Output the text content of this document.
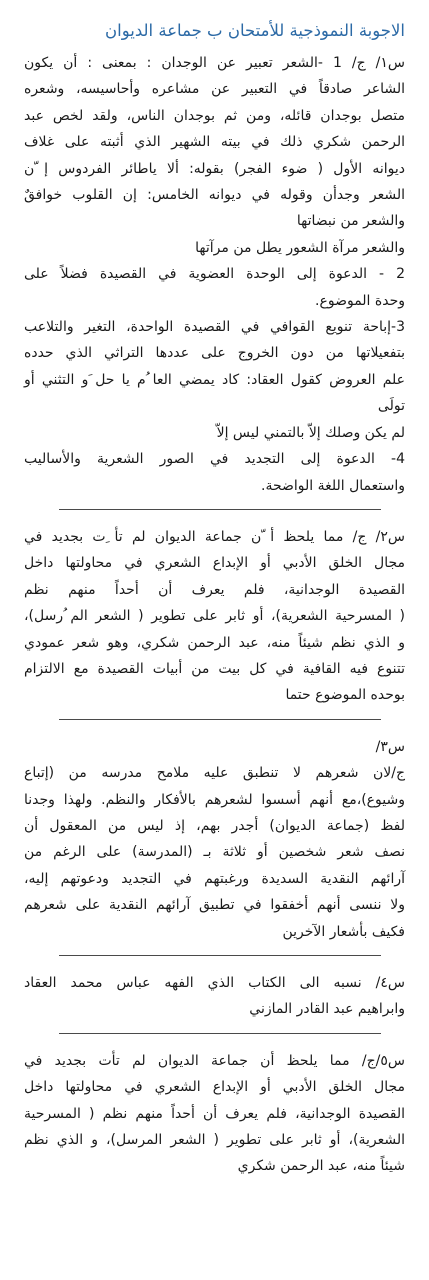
الاجوبة النموذجية للأمتحان ب جماعة الديوان

س١/ ج/ 1 -الشعر تعبير عن الوجدان : بمعنى : أن يكون

الشاعر صادقاً في التعبير عن مشاعره وأحاسيسه، وشعره

متصل بوجدان قائله، ومن ثم بوجدان الناس، ولقد لخص عبد

الرحمن شكري ذلك في بيته الشهير الذي أثبته على غلاف

ديوانه الأول ( ضوء الفجر) بقوله: ألا ياطائر الفردوس إ ّن

الشعر وجدأن وقوله في ديوانه الخامس: إن القلوب خوافقٌ

والشعر من نبضاتها

والشعر مرآة الشعور يطل من مرآتها

2 - الدعوة إلى الوحدة العضوية في القصيدة فضلاً على

وحدة الموضوع.

3-إباحة تنويع القوافي في القصيدة الواحدة، التغير والتلاعب

بتفعيلاتها من دون الخروج على عددها التراثي الذي حدده

علم العروض كقول العقاد: كاد يمضي العا ُم يا حل َو التثني أو

تولَى

لم يكن وصلك إلاّ بالتمني ليس إلاّ

4- الدعوة إلى التجديد في الصور الشعرية والأساليب

واستعمال اللغة الواضحة.

س٢/ ج/ مما يلحظ أ ّن جماعة الديوان لم تأ ِت بجديد في

مجال الخلق الأدبي أو الإبداع الشعري في محاولتها داخل

القصيدة الوجدانية، فلم يعرف أن أحداً منهم نظم

( المسرحية الشعرية)، أو ثابر على تطوير ( الشعر الم ُرسل)،

و الذي نظم شيئاً منه، عبد الرحمن شكري، وهو شعر عمودي

تتنوع فيه القافية في كل بيت من أبيات القصيدة مع الالتزام

بوحده الموضوع حتما

س٣/

ج/لان شعرهم لا تنطبق عليه ملامح مدرسه من (إتباع

وشيوع)،مع أنهم أسسوا لشعرهم بالأفكار والنظم. ولهذا وجدنا

لفظ (جماعة الديوان) أجدر بهم، إذ ليس من المعقول أن

نصف شعر شخصين أو ثلاثة بـ (المدرسة) على الرغم من

آرائهم النقدية السديدة ورغبتهم في التجديد ودعوتهم إليه،

ولا ننسى أنهم أخفقوا في تطبيق آرائهم النقدية على شعرهم

فكيف بأشعار الآخرين

س٤/ نسبه الى الكتاب الذي الفهه عباس محمد العقاد

وابراهيم عبد القادر المازني

س٥/ج/ مما يلحظ أن جماعة الديوان لم تأت بجديد في

مجال الخلق الأدبي أو الإبداع الشعري في محاولتها داخل

القصيدة الوجدانية، فلم يعرف أن أحداً منهم نظم ( المسرحية

الشعرية)، أو ثابر على تطوير ( الشعر المرسل)، و الذي نظم

شيئاً منه، عبد الرحمن شكري
